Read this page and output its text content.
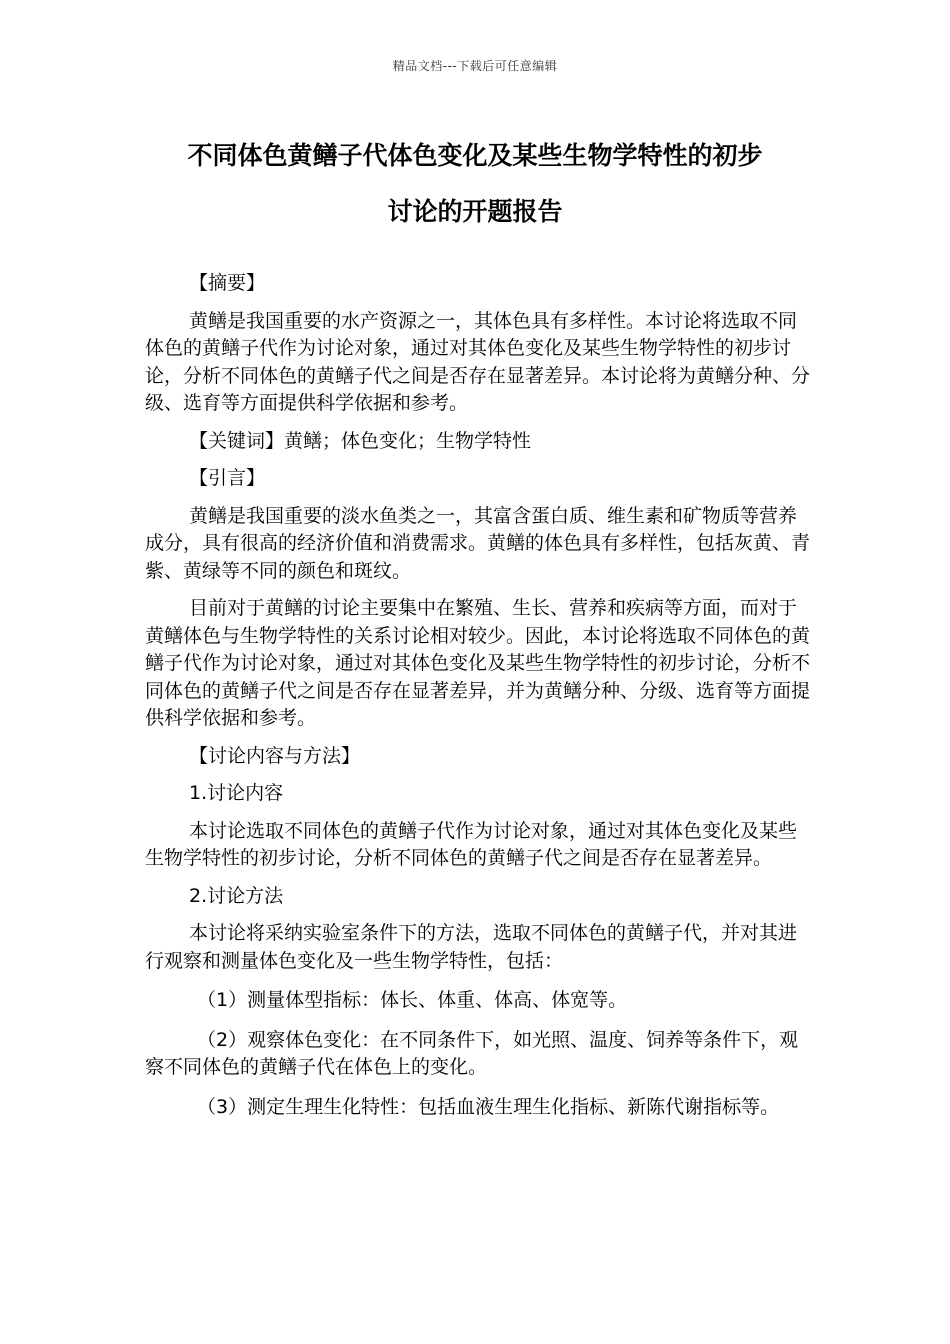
精品文档---下载后可任意编辑
不同体色黄鳝子代体色变化及某些生物学特性的初步
讨论的开题报告

【摘要】

黄鳝是我国重要的水产资源之一，其体色具有多样性。本讨论将选取不同体色的黄鳝子代作为讨论对象，通过对其体色变化及某些生物学特性的初步讨论，分析不同体色的黄鳝子代之间是否存在显著差异。本讨论将为黄鳝分种、分级、选育等方面提供科学依据和参考。

【关键词】黄鳝；体色变化；生物学特性

【引言】

黄鳝是我国重要的淡水鱼类之一，其富含蛋白质、维生素和矿物质等营养成分，具有很高的经济价值和消费需求。黄鳝的体色具有多样性，包括灰黄、青紫、黄绿等不同的颜色和斑纹。

目前对于黄鳝的讨论主要集中在繁殖、生长、营养和疾病等方面，而对于黄鳝体色与生物学特性的关系讨论相对较少。因此，本讨论将选取不同体色的黄鳝子代作为讨论对象，通过对其体色变化及某些生物学特性的初步讨论，分析不同体色的黄鳝子代之间是否存在显著差异，并为黄鳝分种、分级、选育等方面提供科学依据和参考。

【讨论内容与方法】

1.讨论内容

本讨论选取不同体色的黄鳝子代作为讨论对象，通过对其体色变化及某些生物学特性的初步讨论，分析不同体色的黄鳝子代之间是否存在显著差异。

2.讨论方法

本讨论将采纳实验室条件下的方法，选取不同体色的黄鳝子代，并对其进行观察和测量体色变化及一些生物学特性，包括：

（1）测量体型指标：体长、体重、体高、体宽等。

（2）观察体色变化：在不同条件下，如光照、温度、饲养等条件下，观察不同体色的黄鳝子代在体色上的变化。

（3）测定生理生化特性：包括血液生理生化指标、新陈代谢指标等。
